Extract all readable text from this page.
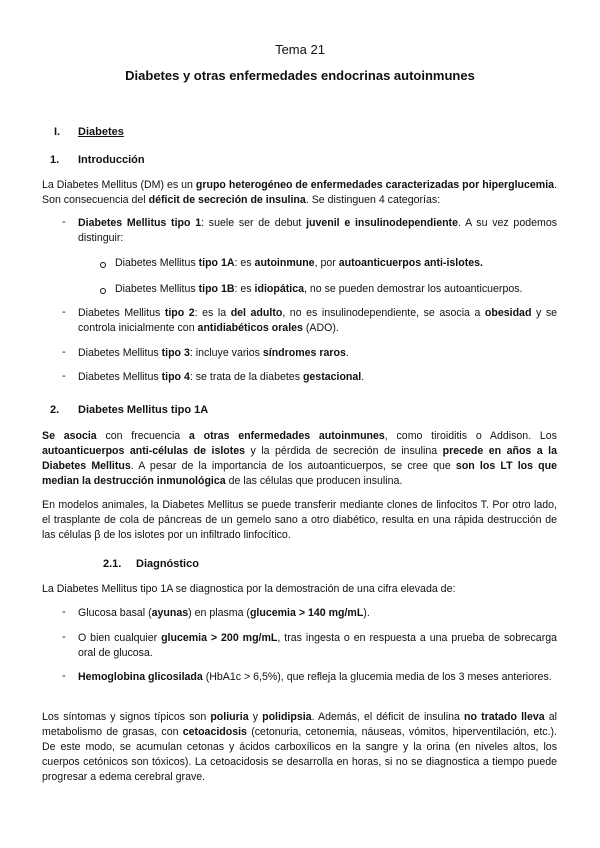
Tema 21
Diabetes y otras enfermedades endocrinas autoinmunes
I. Diabetes
1. Introducción
La Diabetes Mellitus (DM) es un grupo heterogéneo de enfermedades caracterizadas por hiperglucemia. Son consecuencia del déficit de secreción de insulina. Se distinguen 4 categorías:
- Diabetes Mellitus tipo 1: suele ser de debut juvenil e insulinodependiente. A su vez podemos distinguir:
Diabetes Mellitus tipo 1A: es autoinmune, por autoanticuerpos anti-islotes.
Diabetes Mellitus tipo 1B: es idiopática, no se pueden demostrar los autoanticuerpos.
- Diabetes Mellitus tipo 2: es la del adulto, no es insulinodependiente, se asocia a obesidad y se controla inicialmente con antidiabéticos orales (ADO).
- Diabetes Mellitus tipo 3: incluye varios síndromes raros.
- Diabetes Mellitus tipo 4: se trata de la diabetes gestacional.
2. Diabetes Mellitus tipo 1A
Se asocia con frecuencia a otras enfermedades autoinmunes, como tiroiditis o Addison. Los autoanticuerpos anti-células de islotes y la pérdida de secreción de insulina precede en años a la Diabetes Mellitus. A pesar de la importancia de los autoanticuerpos, se cree que son los LT los que median la destrucción inmunológica de las células que producen insulina.
En modelos animales, la Diabetes Mellitus se puede transferir mediante clones de linfocitos T. Por otro lado, el trasplante de cola de páncreas de un gemelo sano a otro diabético, resulta en una rápida destrucción de las células β de los islotes por un infiltrado linfocítico.
2.1. Diagnóstico
La Diabetes Mellitus tipo 1A se diagnostica por la demostración de una cifra elevada de:
- Glucosa basal (ayunas) en plasma (glucemia > 140 mg/mL).
- O bien cualquier glucemia > 200 mg/mL, tras ingesta o en respuesta a una prueba de sobrecarga oral de glucosa.
- Hemoglobina glicosilada (HbA1c > 6,5%), que refleja la glucemia media de los 3 meses anteriores.
Los síntomas y signos típicos son poliuria y polidipsia. Además, el déficit de insulina no tratado lleva al metabolismo de grasas, con cetoacidosis (cetonuria, cetonemia, náuseas, vómitos, hiperventilación, etc.). De este modo, se acumulan cetonas y ácidos carboxílicos en la sangre y la orina (en niveles altos, los cuerpos cetónicos son tóxicos). La cetoacidosis se desarrolla en horas, si no se diagnostica a tiempo puede progresar a edema cerebral grave.
